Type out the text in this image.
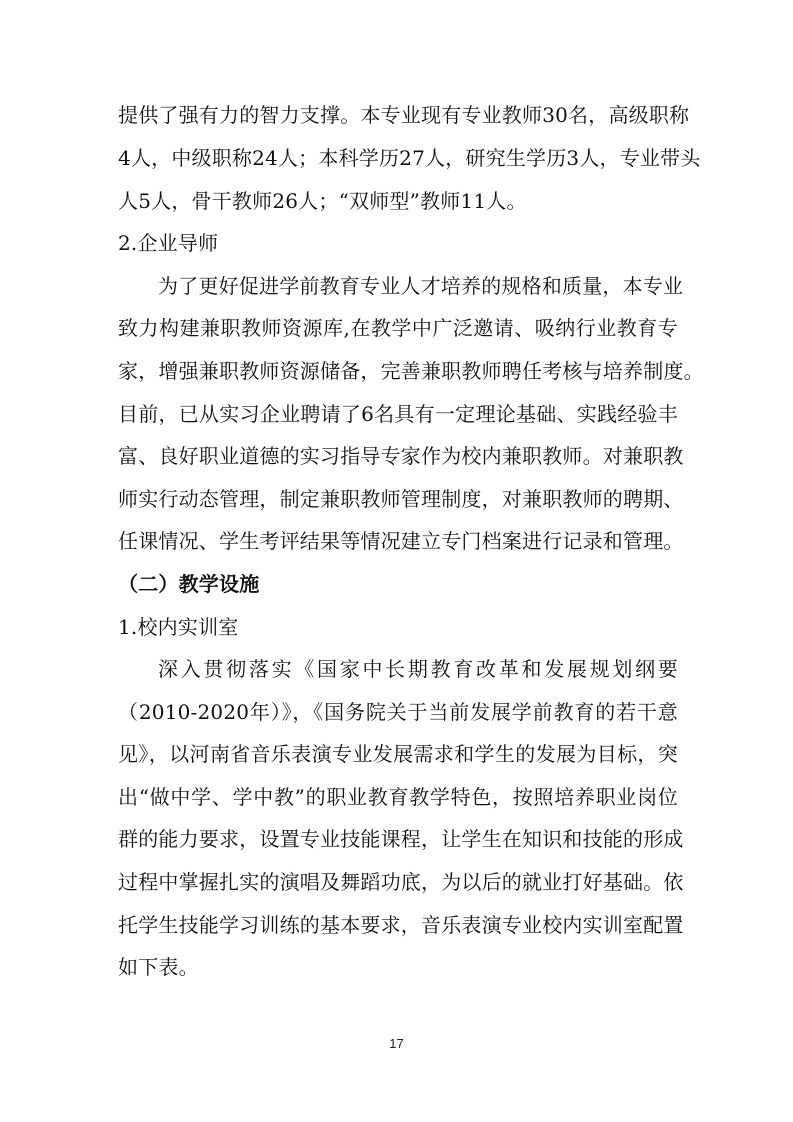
提供了强有力的智力支撑。本专业现有专业教师30名，高级职称
4人，中级职称24人；本科学历27人，研究生学历3人，专业带头
人5人，骨干教师26人；“双师型”教师11人。
2.企业导师
为了更好促进学前教育专业人才培养的规格和质量，本专业
致力构建兼职教师资源库,在教学中广泛邀请、吸纳行业教育专
家，增强兼职教师资源储备，完善兼职教师聘任考核与培养制度。
目前，已从实习企业聘请了6名具有一定理论基础、实践经验丰
富、良好职业道德的实习指导专家作为校内兼职教师。对兼职教
师实行动态管理，制定兼职教师管理制度，对兼职教师的聘期、
任课情况、学生考评结果等情况建立专门档案进行记录和管理。
（二）教学设施
1.校内实训室
深入贯彻落实《国家中长期教育改革和发展规划纲要
（2010-2020年）》，《国务院关于当前发展学前教育的若干意
见》，以河南省音乐表演专业发展需求和学生的发展为目标，突
出“做中学、学中教”的职业教育教学特色，按照培养职业岗位
群的能力要求，设置专业技能课程，让学生在知识和技能的形成
过程中掌握扎实的演唱及舞蹈功底，为以后的就业打好基础。依
托学生技能学习训练的基本要求，音乐表演专业校内实训室配置
如下表。
17
